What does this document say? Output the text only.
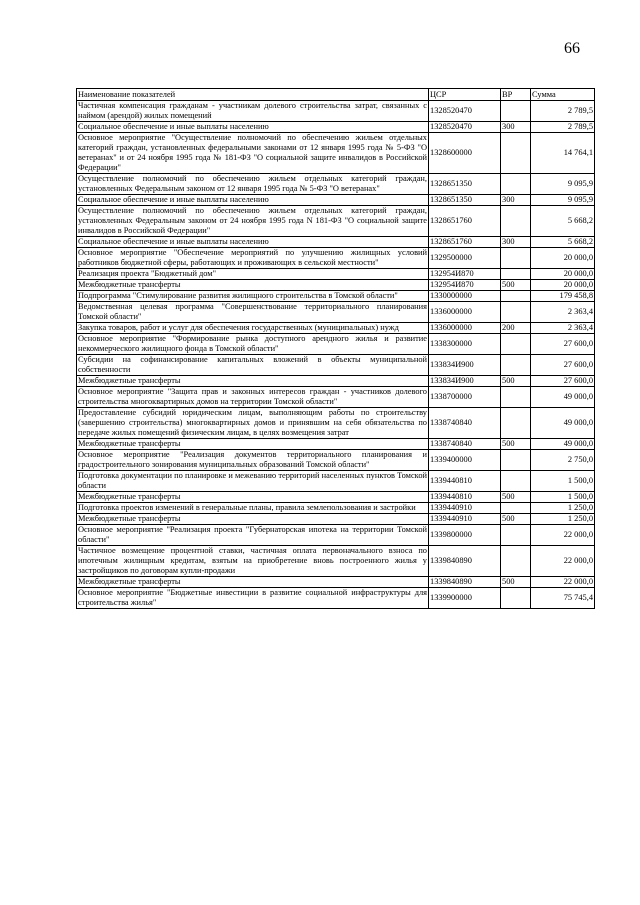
66
Наименование показателей	ЦСР	ВР	Сумма
Частичная компенсация гражданам - участникам долевого строительства затрат, связанных с наймом (арендой) жилых помещений	1328520470		2 789,5
Социальное обеспечение и иные выплаты населению	1328520470	300	2 789,5
Основное мероприятие "Осуществление полномочий по обеспечению жильем отдельных категорий граждан, установленных федеральными законами от 12 января 1995 года № 5-ФЗ "О ветеранах" и от 24 ноября 1995 года № 181-ФЗ "О социальной защите инвалидов в Российской Федерации"	1328600000		14 764,1
Осуществление полномочий по обеспечению жильем отдельных категорий граждан, установленных Федеральным законом от 12 января 1995 года № 5-ФЗ "О ветеранах"	1328651350		9 095,9
Социальное обеспечение и иные выплаты населению	1328651350	300	9 095,9
Осуществление полномочий по обеспечению жильем отдельных категорий граждан, установленных Федеральным законом от 24 ноября 1995 года N 181-ФЗ "О социальной защите инвалидов в Российской Федерации"	1328651760		5 668,2
Социальное обеспечение и иные выплаты населению	1328651760	300	5 668,2
Основное мероприятие "Обеспечение мероприятий по улучшению жилищных условий работников бюджетной сферы, работающих и проживающих в сельской местности"	1329500000		20 000,0
Реализация проекта "Бюджетный дом"	132954И870		20 000,0
Межбюджетные трансферты	132954И870	500	20 000,0
Подпрограмма "Стимулирование развития жилищного строительства в Томской области"	1330000000		179 458,8
Ведомственная целевая программа "Совершенствование территориального планирования Томской области"	1336000000		2 363,4
Закупка товаров, работ и услуг для обеспечения государственных (муниципальных) нужд	1336000000	200	2 363,4
Основное мероприятие "Формирование рынка доступного арендного жилья и развитие некоммерческого жилищного фонда в Томской области"	1338300000		27 600,0
Субсидии на софинансирование капитальных вложений в объекты муниципальной собственности	133834И900		27 600,0
Межбюджетные трансферты	133834И900	500	27 600,0
Основное мероприятие "Защита прав и законных интересов граждан - участников долевого строительства многоквартирных домов на территории Томской области"	1338700000		49 000,0
Предоставление субсидий юридическим лицам, выполняющим работы по строительству (завершению строительства) многоквартирных домов и принявшим на себя обязательства по передаче жилых помещений физическим лицам, в целях возмещения затрат	1338740840		49 000,0
Межбюджетные трансферты	1338740840	500	49 000,0
Основное мероприятие "Реализация документов территориального планирования и градостроительного зонирования муниципальных образований Томской области"	1339400000		2 750,0
Подготовка документации по планировке и межеванию территорий населенных пунктов Томской области	1339440810		1 500,0
Межбюджетные трансферты	1339440810	500	1 500,0
Подготовка проектов изменений в генеральные планы, правила землепользования и застройки	1339440910		1 250,0
Межбюджетные трансферты	1339440910	500	1 250,0
Основное мероприятие "Реализация проекта "Губернаторская ипотека на территории Томской области"	1339800000		22 000,0
Частичное возмещение процентной ставки, частичная оплата первоначального взноса по ипотечным жилищным кредитам, взятым на приобретение вновь построенного жилья у застройщиков по договорам купли-продажи	1339840890		22 000,0
Межбюджетные трансферты	1339840890	500	22 000,0
Основное мероприятие "Бюджетные инвестиции в развитие социальной инфраструктуры для строительства жилья"	1339900000		75 745,4
